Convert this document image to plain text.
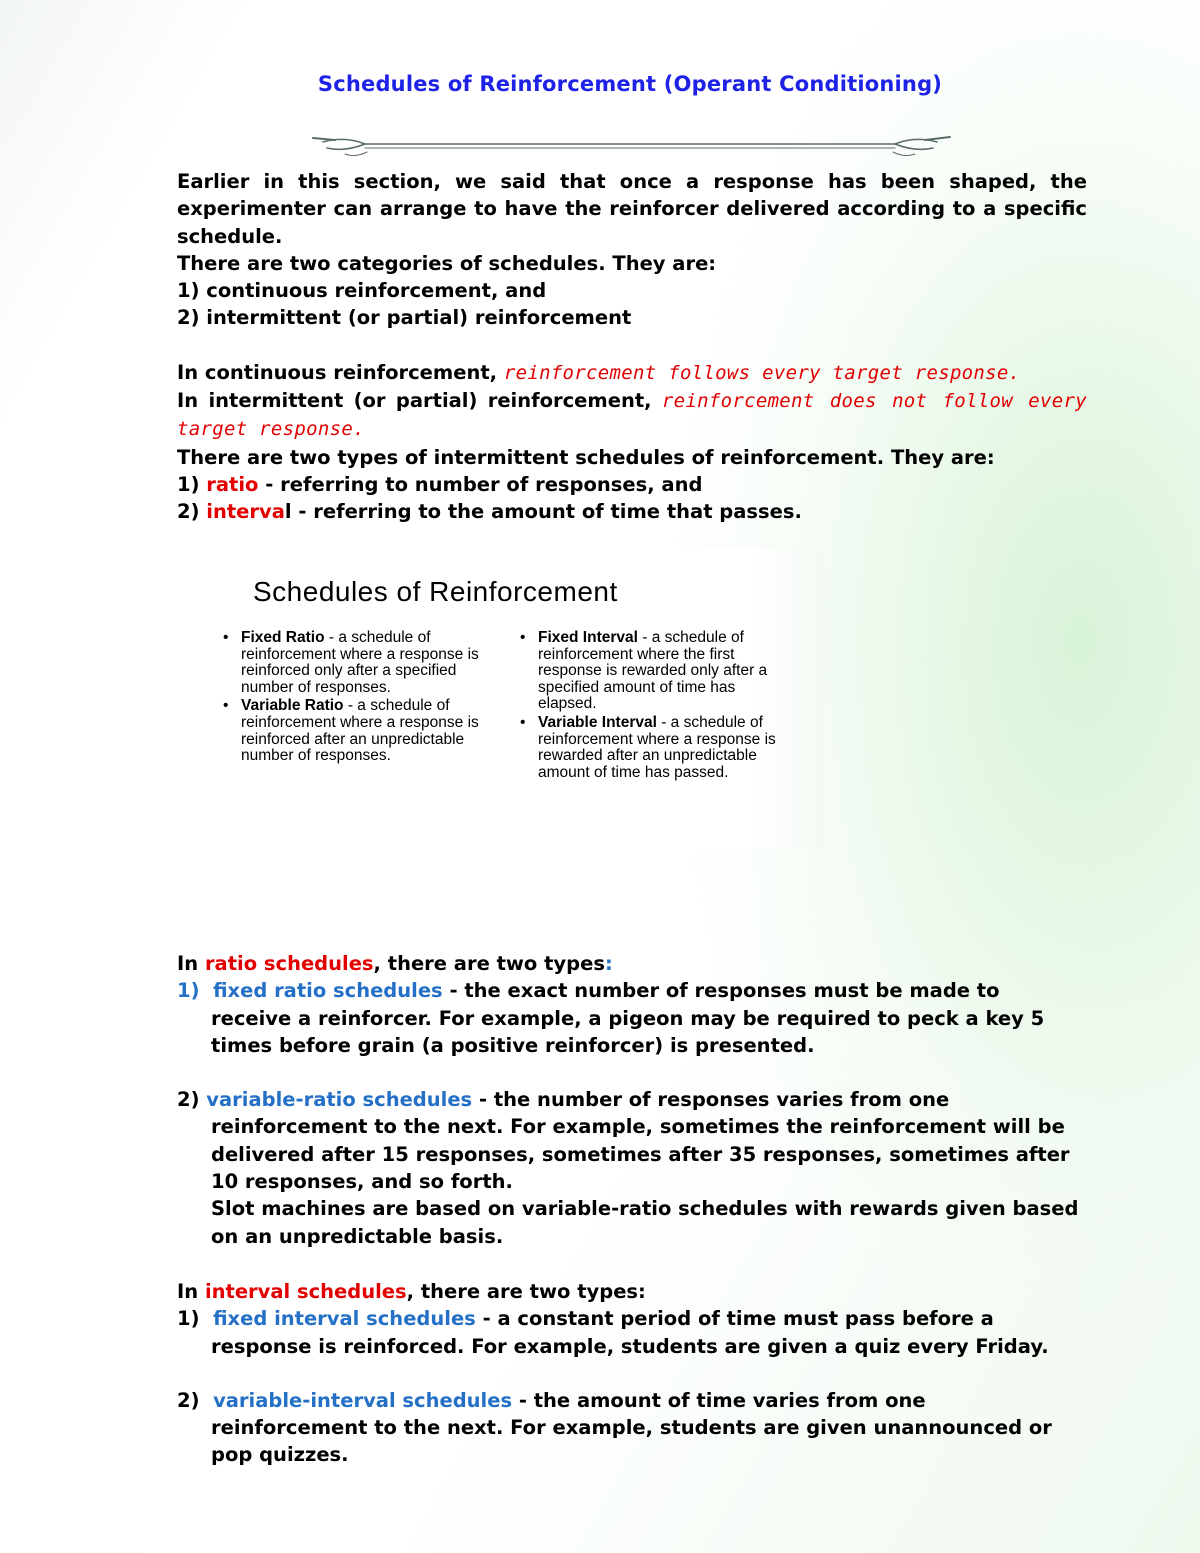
Schedules of Reinforcement (Operant Conditioning)

Earlier in this section, we said that once a response has been shaped, the experimenter can arrange to have the reinforcer delivered according to a specific schedule.

There are two categories of schedules. They are:

1) continuous reinforcement, and

2) intermittent (or partial) reinforcement

In continuous reinforcement, reinforcement follows every target response.

In intermittent (or partial) reinforcement, reinforcement does not follow every target response.

There are two types of intermittent schedules of reinforcement. They are:

1) ratio - referring to number of responses, and

2) interval - referring to the amount of time that passes.

Schedules of Reinforcement
• Fixed Ratio - a schedule of reinforcement where a response is reinforced only after a specified number of responses.
• Variable Ratio - a schedule of reinforcement where a response is reinforced after an unpredictable number of responses.
• Fixed Interval - a schedule of reinforcement where the first response is rewarded only after a specified amount of time has elapsed.
• Variable Interval - a schedule of reinforcement where a response is rewarded after an unpredictable amount of time has passed.

In ratio schedules, there are two types:

1) fixed ratio schedules - the exact number of responses must be made to

receive a reinforcer. For example, a pigeon may be required to peck a key 5 times before grain (a positive reinforcer) is presented.

2) variable-ratio schedules - the number of responses varies from one

reinforcement to the next. For example, sometimes the reinforcement will be delivered after 15 responses, sometimes after 35 responses, sometimes after 10 responses, and so forth.

Slot machines are based on variable-ratio schedules with rewards given based on an unpredictable basis.

In interval schedules, there are two types:

1) fixed interval schedules - a constant period of time must pass before a

response is reinforced. For example, students are given a quiz every Friday.

2) variable-interval schedules - the amount of time varies from one

reinforcement to the next. For example, students are given unannounced or pop quizzes.
